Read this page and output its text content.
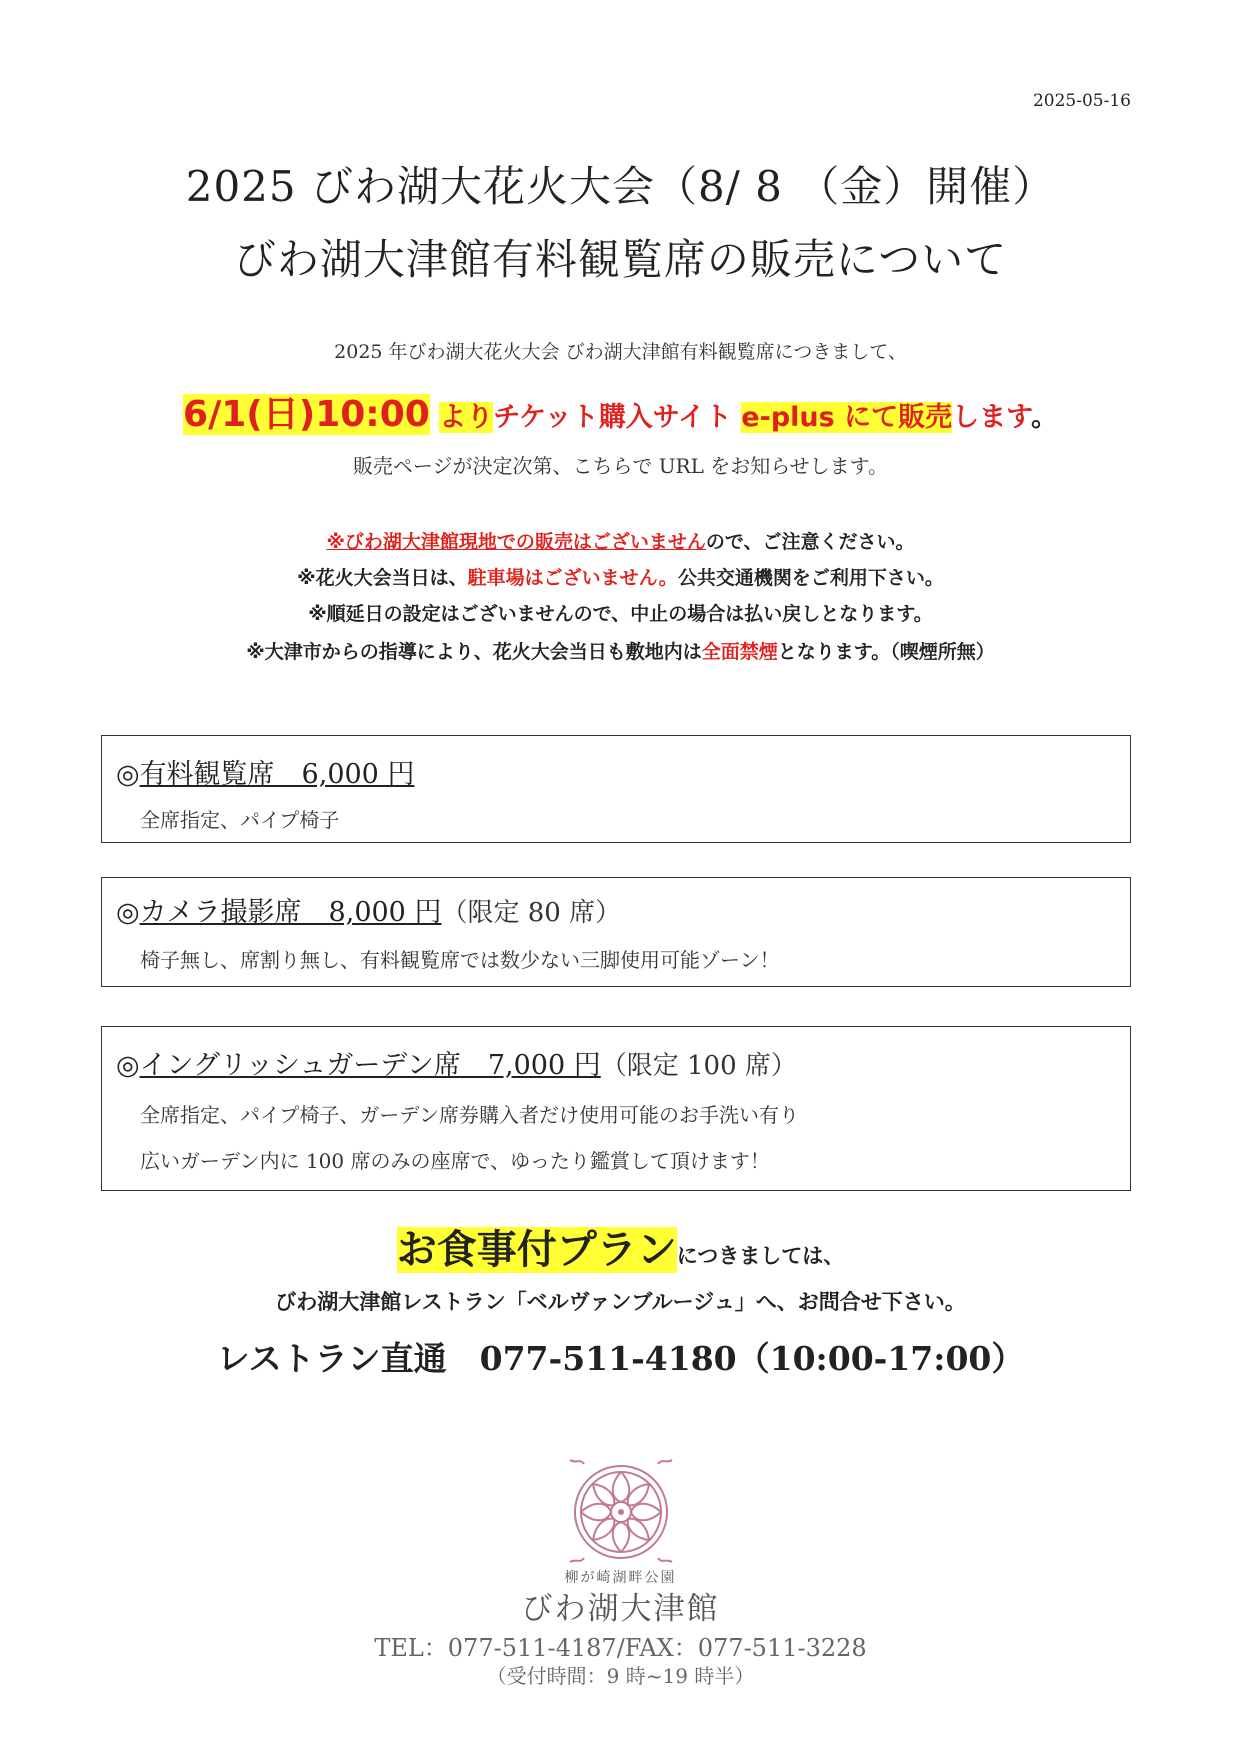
2025-05-16
2025 びわ湖大花火大会（8/ 8 （金）開催）
びわ湖大津館有料観覧席の販売について
2025 年びわ湖大花火大会 びわ湖大津館有料観覧席につきまして、
6/1(日)10:00 よりチケット購入サイト e-plus にて販売します。
販売ページが決定次第、こちらで URL をお知らせします。
※びわ湖大津館現地での販売はございませんので、ご注意ください。
※花火大会当日は、駐車場はございません。公共交通機関をご利用下さい。
※順延日の設定はございませんので、中止の場合は払い戻しとなります。
※大津市からの指導により、花火大会当日も敷地内は全面禁煙となります。（喫煙所無）
◎有料観覧席　6,000 円
全席指定、パイプ椅子
◎カメラ撮影席　8,000 円（限定 80 席）
椅子無し、席割り無し、有料観覧席では数少ない三脚使用可能ゾーン！
◎イングリッシュガーデン席　7,000 円（限定 100 席）
全席指定、パイプ椅子、ガーデン席券購入者だけ使用可能のお手洗い有り
広いガーデン内に 100 席のみの座席で、ゆったり鑑賞して頂けます！
お食事付プランにつきましては、
びわ湖大津館レストラン「ベルヴァンブルージュ」へ、お問合せ下さい。
レストラン直通　077-511-4180（10:00-17:00）
柳が崎湖畔公園
びわ湖大津館
TEL：077-511-4187/FAX：077-511-3228
（受付時間：9 時~19 時半）
